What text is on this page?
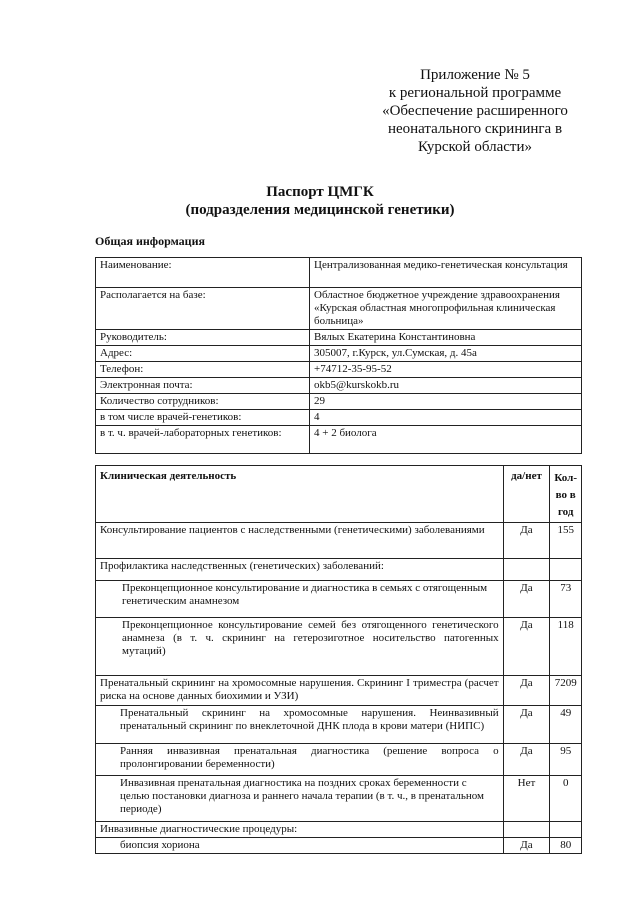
Приложение № 5
к региональной программе
«Обеспечение расширенного
неонатального скрининга в
Курской области»
Паспорт ЦМГК
(подразделения медицинской генетики)
Общая информация
Наименование:	Централизованная медико-генетическая консультация
Располагается на базе:	Областное бюджетное учреждение здравоохранения «Курская областная многопрофильная клиническая больница»
Руководитель:	Вялых Екатерина Константиновна
Адрес:	305007, г.Курск, ул.Сумская, д. 45а
Телефон:	+74712-35-95-52
Электронная почта:	okb5@kurskokb.ru
Количество сотрудников:	29
в том числе врачей-генетиков:	4
в т. ч. врачей-лабораторных генетиков:	4 + 2 биолога
Клиническая деятельность	да/нет	Кол-во в год
Консультирование пациентов с наследственными (генетическими) заболеваниями	Да	155
Профилактика наследственных (генетических) заболеваний:		
Преконцепционное консультирование и диагностика в семьях с отягощенным генетическим анамнезом	Да	73
Преконцепционное консультирование семей без отягощенного генетического анамнеза (в т. ч. скрининг на гетерозиготное носительство патогенных мутаций)	Да	118
Пренатальный скрининг на хромосомные нарушения. Скрининг I триместра (расчет риска на основе данных биохимии и УЗИ)	Да	7209
Пренатальный скрининг на хромосомные нарушения. Неинвазивный пренатальный скрининг по внеклеточной ДНК плода в крови матери (НИПС)	Да	49
Ранняя инвазивная пренатальная диагностика (решение вопроса о пролонгировании беременности)	Да	95
Инвазивная пренатальная диагностика на поздних сроках беременности с целью постановки диагноза и раннего начала терапии (в т. ч., в пренатальном периоде)	Нет	0
Инвазивные диагностические процедуры:		
биопсия хориона	Да	80
